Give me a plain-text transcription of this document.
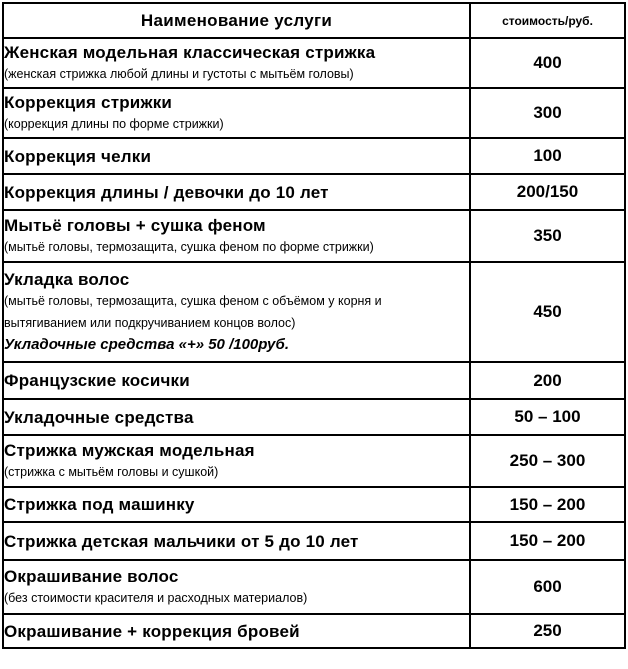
Наименование услуги	стоимость/руб.

Женская модельная классическая стрижка
(женская стрижка любой длины и густоты с мытьём головы)	400

Коррекция стрижки
(коррекция длины по форме стрижки)	300

Коррекция челки	100

Коррекция длины / девочки до 10 лет	200/150

Мытьё головы + сушка феном
(мытьё головы, термозащита, сушка феном по форме стрижки)	350

Укладка волос
(мытьё головы, термозащита, сушка феном с объёмом у корня и
вытягиванием или подкручиванием концов волос)
Укладочные средства «+» 50 /100руб.	450

Французские косички	200

Укладочные средства	50 – 100

Стрижка мужская модельная
(стрижка с мытьём головы и сушкой)	250 – 300

Стрижка под машинку	150 – 200

Стрижка детская мальчики от 5 до 10 лет	150 – 200

Окрашивание волос
(без стоимости красителя и расходных материалов)	600

Окрашивание + коррекция бровей	250
